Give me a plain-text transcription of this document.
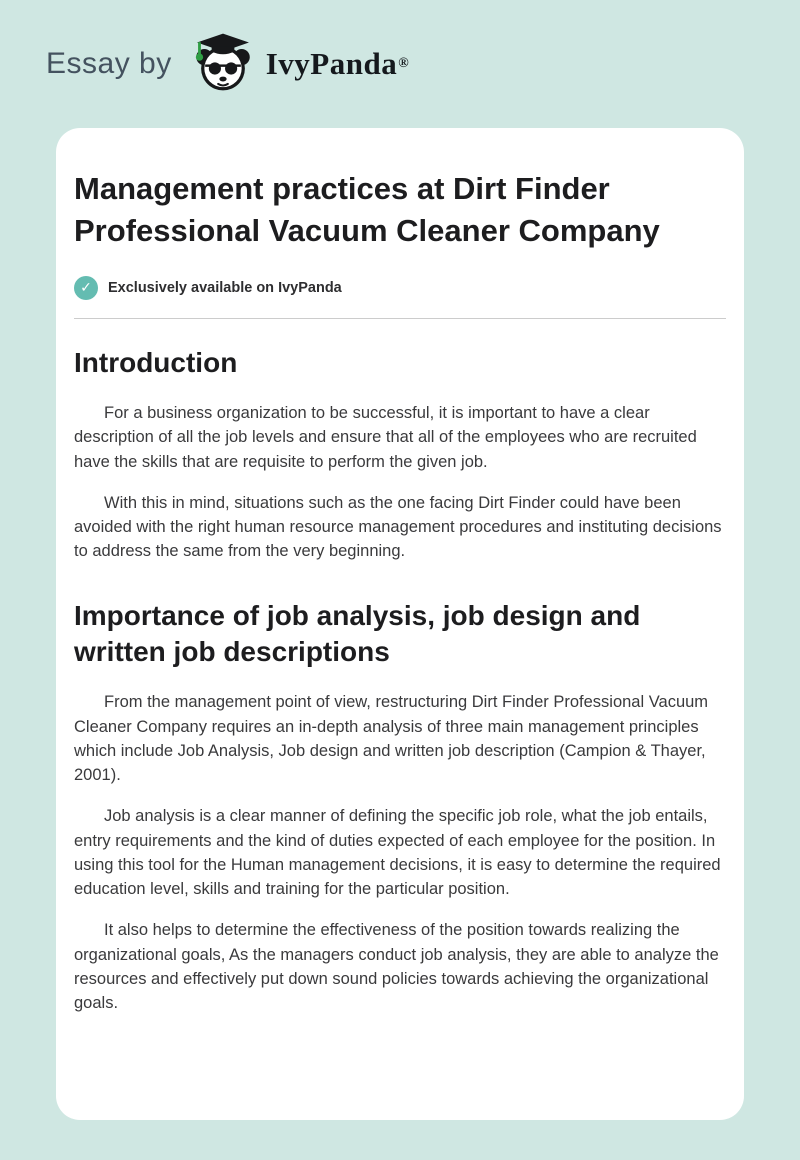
Essay by	IvyPanda ®
Management practices at Dirt Finder Professional Vacuum Cleaner Company
✓	Exclusively available on IvyPanda
Introduction

For a business organization to be successful, it is important to have a clear description of all the job levels and ensure that all of the employees who are recruited have the skills that are requisite to perform the given job.

With this in mind, situations such as the one facing Dirt Finder could have been avoided with the right human resource management procedures and instituting decisions to address the same from the very beginning.

Importance of job analysis, job design and written job descriptions

From the management point of view, restructuring Dirt Finder Professional Vacuum Cleaner Company requires an in-depth analysis of three main management principles which include Job Analysis, Job design and written job description (Campion & Thayer, 2001).

Job analysis is a clear manner of defining the specific job role, what the job entails, entry requirements and the kind of duties expected of each employee for the position. In using this tool for the Human management decisions, it is easy to determine the required education level, skills and training for the particular position.

It also helps to determine the effectiveness of the position towards realizing the organizational goals, As the managers conduct job analysis, they are able to analyze the resources and effectively put down sound policies towards achieving the organizational goals.
